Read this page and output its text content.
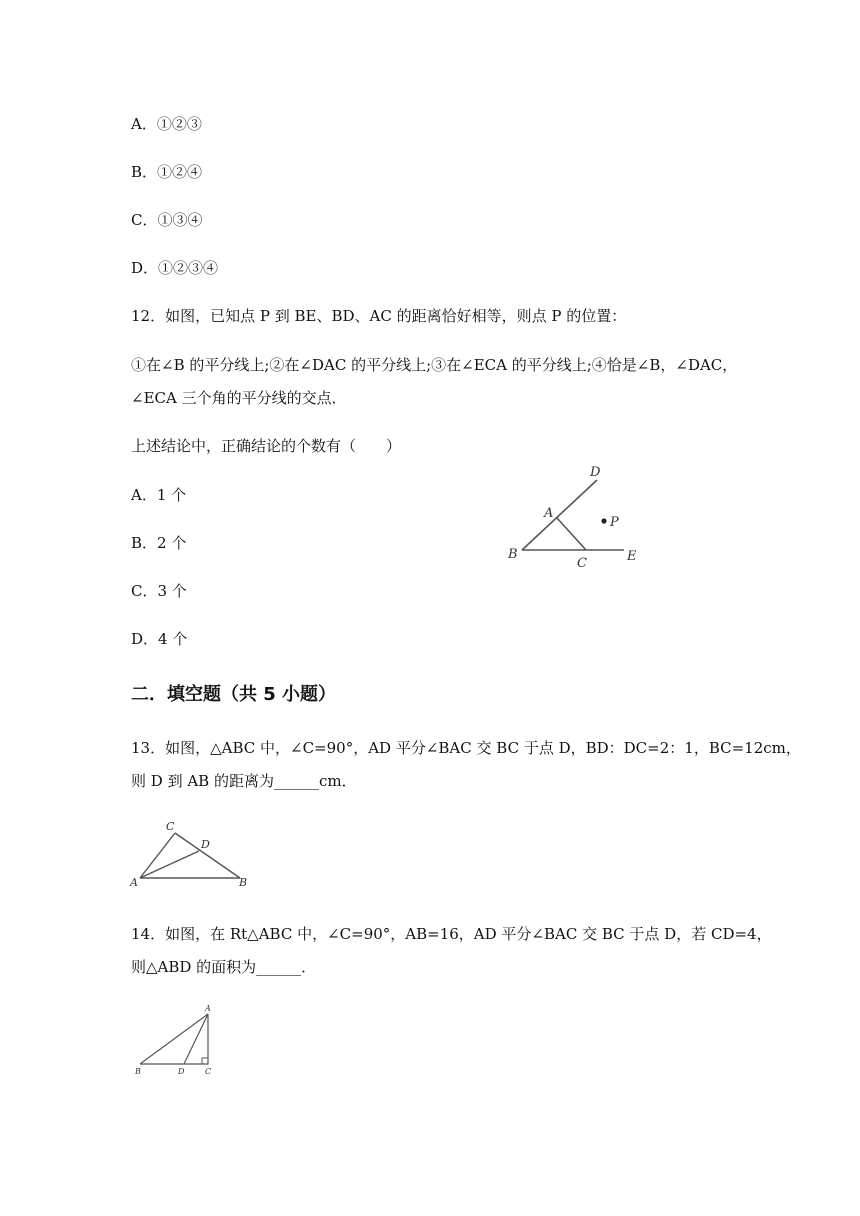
A．①②③
B．①②④
C．①③④
D．①②③④
12．如图，已知点 P 到 BE、BD、AC 的距离恰好相等，则点 P 的位置：
①在∠B 的平分线上;②在∠DAC 的平分线上;③在∠ECA 的平分线上;④恰是∠B，∠DAC，
∠ECA 三个角的平分线的交点．
上述结论中，正确结论的个数有（　　）
A．1 个
B．2 个
C．3 个
D．4 个
D
A
P
B
C	E
二．填空题（共 5 小题）
13．如图，△ABC 中，∠C=90°，AD 平分∠BAC 交 BC 于点 D，BD：DC=2：1，BC=12cm，
则 D 到 AB 的距离为______cm．
C
D
A	B
14．如图，在 Rt△ABC 中，∠C=90°，AB=16，AD 平分∠BAC 交 BC 于点 D，若 CD=4，
则△ABD 的面积为______．
A
B	D	C
